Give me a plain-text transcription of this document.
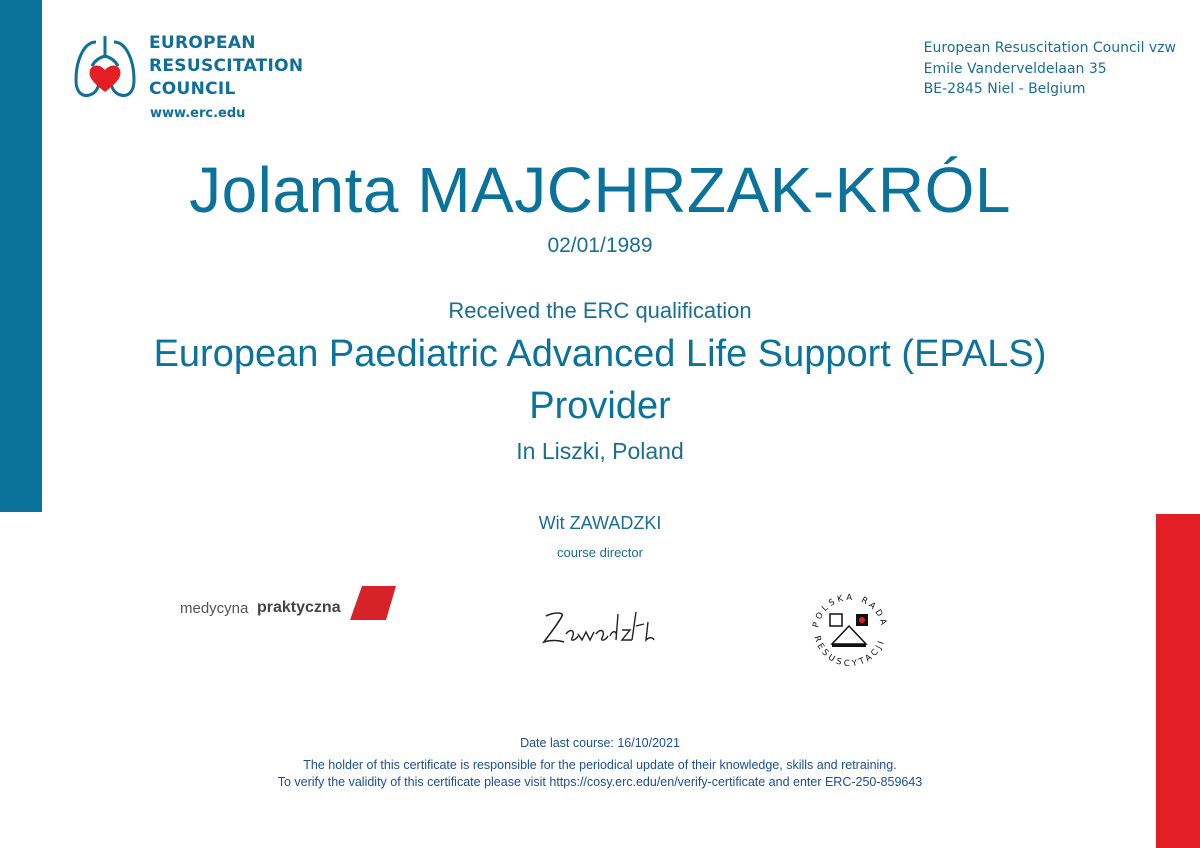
EUROPEAN
RESUSCITATION
COUNCIL
www.erc.edu
European Resuscitation Council vzw
Emile Vanderveldelaan 35
BE-2845 Niel - Belgium
Jolanta MAJCHRZAK-KRÓL
02/01/1989
Received the ERC qualification
European Paediatric Advanced Life Support (EPALS)
Provider
In Liszki, Poland
Wit ZAWADZKI
course director
medycyna praktyczna
POLSKA RADA
RESUSCYTACJI
Date last course: 16/10/2021
The holder of this certificate is responsible for the periodical update of their knowledge, skills and retraining.
To verify the validity of this certificate please visit https://cosy.erc.edu/en/verify-certificate and enter ERC-250-859643
